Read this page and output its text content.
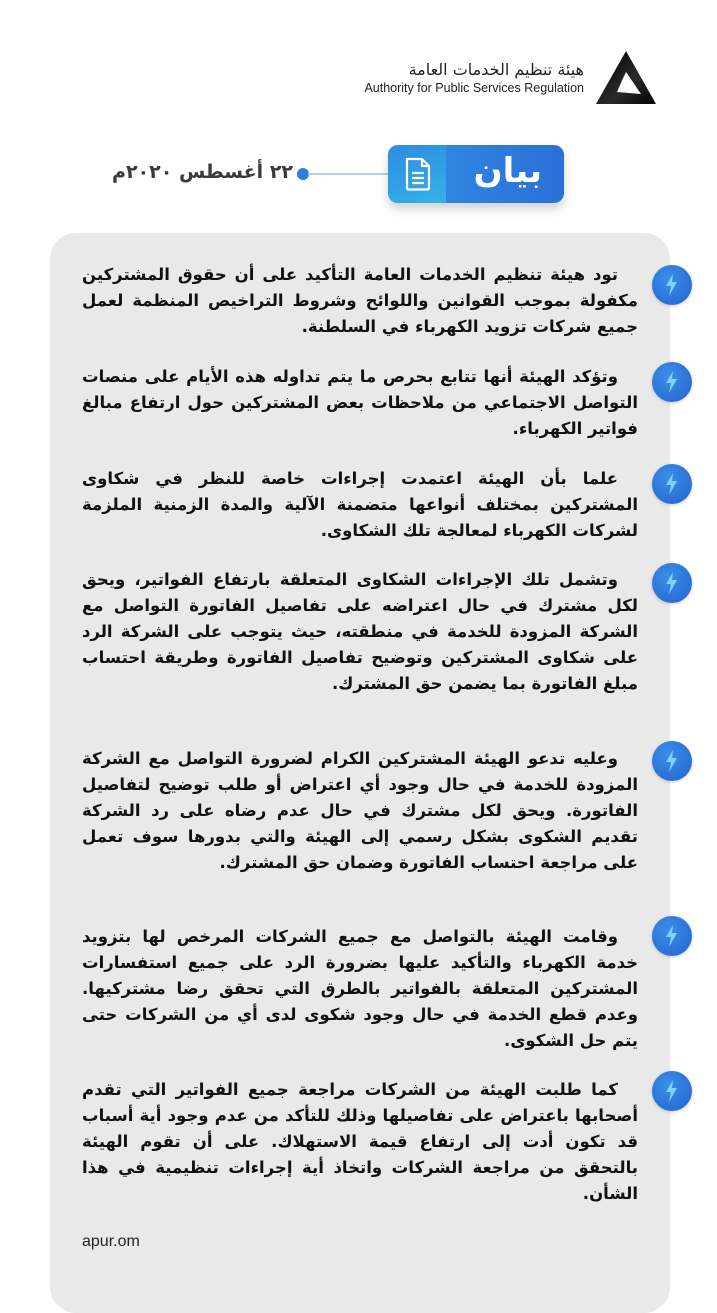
هيئة تنظيم الخدمات العامة
Authority for Public Services Regulation
٢٢ أغسطس ٢٠٢٠م	بيان
تود هيئة تنظيم الخدمات العامة التأكيد على أن حقوق المشتركين مكفولة بموجب القوانين واللوائح وشروط التراخيص المنظمة لعمل جميع شركات تزويد الكهرباء في السلطنة.
وتؤكد الهيئة أنها تتابع بحرص ما يتم تداوله هذه الأيام على منصات التواصل الاجتماعي من ملاحظات بعض المشتركين حول ارتفاع مبالغ فواتير الكهرباء.
علما بأن الهيئة اعتمدت إجراءات خاصة للنظر في شكاوى المشتركين بمختلف أنواعها متضمنة الآلية والمدة الزمنية الملزمة لشركات الكهرباء لمعالجة تلك الشكاوى.
وتشمل تلك الإجراءات الشكاوى المتعلقة بارتفاع الفواتير، ويحق لكل مشترك في حال اعتراضه على تفاصيل الفاتورة التواصل مع الشركة المزودة للخدمة في منطقته، حيث يتوجب على الشركة الرد على شكاوى المشتركين وتوضيح تفاصيل الفاتورة وطريقة احتساب مبلغ الفاتورة بما يضمن حق المشترك.
وعليه تدعو الهيئة المشتركين الكرام لضرورة التواصل مع الشركة المزودة للخدمة في حال وجود أي اعتراض أو طلب توضيح لتفاصيل الفاتورة. ويحق لكل مشترك في حال عدم رضاه على رد الشركة تقديم الشكوى بشكل رسمي إلى الهيئة والتي بدورها سوف تعمل على مراجعة احتساب الفاتورة وضمان حق المشترك.
وقامت الهيئة بالتواصل مع جميع الشركات المرخص لها بتزويد خدمة الكهرباء والتأكيد عليها بضرورة الرد على جميع استفسارات المشتركين المتعلقة بالفواتير بالطرق التي تحقق رضا مشتركيها. وعدم قطع الخدمة في حال وجود شكوى لدى أي من الشركات حتى يتم حل الشكوى.
كما طلبت الهيئة من الشركات مراجعة جميع الفواتير التي تقدم أصحابها باعتراض على تفاصيلها وذلك للتأكد من عدم وجود أية أسباب قد تكون أدت إلى ارتفاع قيمة الاستهلاك. على أن تقوم الهيئة بالتحقق من مراجعة الشركات واتخاذ أية إجراءات تنظيمية في هذا الشأن.
apur.om
